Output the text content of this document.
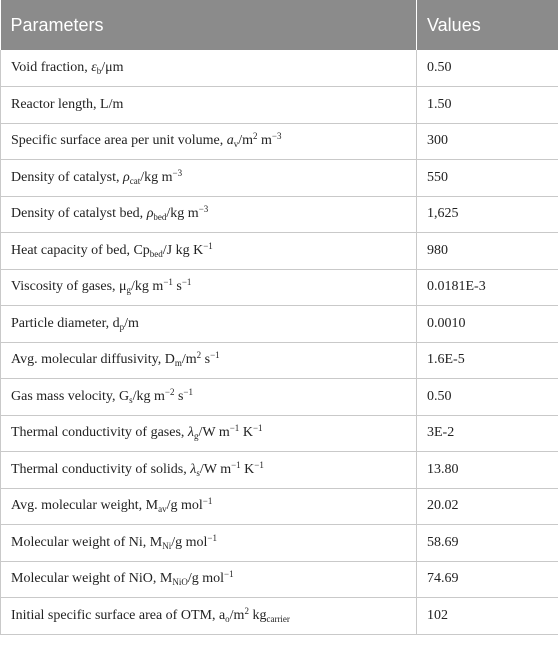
Parameters	Values
Void fraction, $\varepsilon_b/\mu m$	0.50
Reactor length, L/m	1.50
Specific surface area per unit volume, $a_v/m^2$ $m^{-3}$	300
Density of catalyst, $\rho_{cat}/kg$ $m^{-3}$	550
Density of catalyst bed, $\rho_{bed}/kg$ $m^{-3}$	1,625
Heat capacity of bed, $Cp_{bed}/J$ kg $K^{-1}$	980
Viscosity of gases, $\mu_g/kg$ $m^{-1}$ $s^{-1}$	0.0181E-3
Particle diameter, $d_p/m$	0.0010
Avg. molecular diffusivity, $D_m/m^2$ $s^{-1}$	1.6E-5
Gas mass velocity, $G_s/kg$ $m^{-2}$ $s^{-1}$	0.50
Thermal conductivity of gases, $\lambda_g/W$ $m^{-1}$ $K^{-1}$	3E-2
Thermal conductivity of solids, $\lambda_s/W$ $m^{-1}$ $K^{-1}$	13.80
Avg. molecular weight, $M_{av}/g$ mol$^{-1}$	20.02
Molecular weight of Ni, $M_{Ni}/g$ mol$^{-1}$	58.69
Molecular weight of NiO, $M_{NiO}/g$ mol$^{-1}$	74.69
Initial specific surface area of OTM, $a_o/m^2$ $kg_{carrier}$	102
